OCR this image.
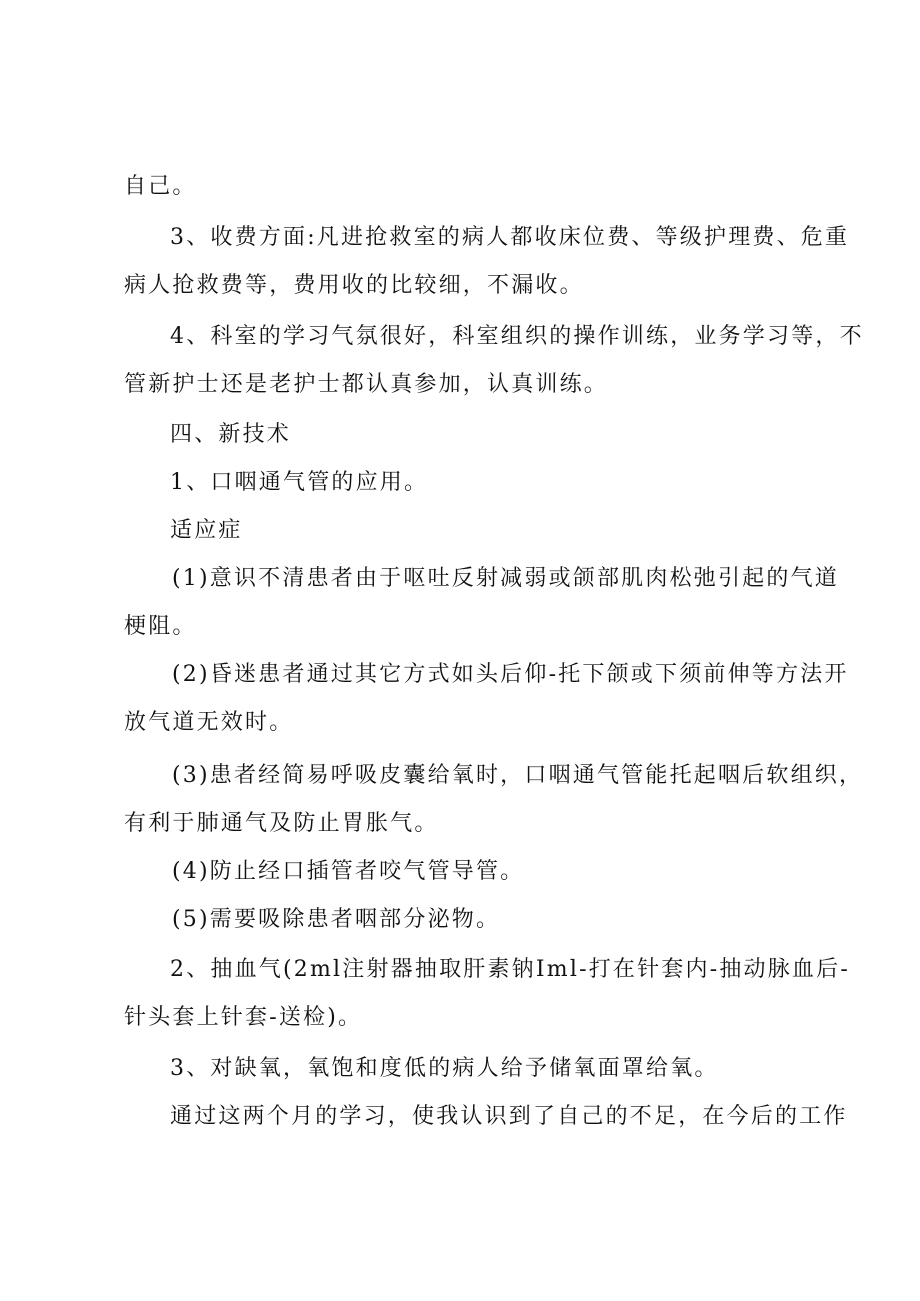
自己。
3、收费方面:凡进抢救室的病人都收床位费、等级护理费、危重
病人抢救费等，费用收的比较细，不漏收。
4、科室的学习气氛很好，科室组织的操作训练，业务学习等，不
管新护士还是老护士都认真参加，认真训练。
四、新技术
1、口咽通气管的应用。
适应症
(1)意识不清患者由于呕吐反射减弱或颌部肌肉松弛引起的气道
梗阻。
(2)昏迷患者通过其它方式如头后仰-托下颌或下须前伸等方法开
放气道无效时。
(3)患者经简易呼吸皮囊给氧时，口咽通气管能托起咽后软组织，
有利于肺通气及防止胃胀气。
(4)防止经口插管者咬气管导管。
(5)需要吸除患者咽部分泌物。
2、抽血气(2ml注射器抽取肝素钠Iml-打在针套内-抽动脉血后-
针头套上针套-送检)。
3、对缺氧，氧饱和度低的病人给予储氧面罩给氧。
通过这两个月的学习，使我认识到了自己的不足，在今后的工作
